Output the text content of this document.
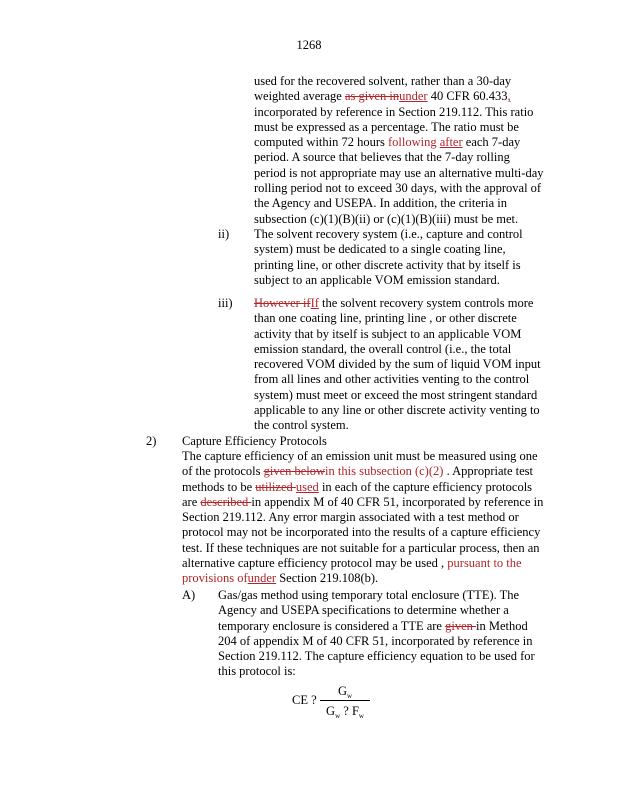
1268

used for the recovered solvent, rather than a 30-day weighted average as given inunder 40 CFR 60.433, incorporated by reference in Section 219.112. This ratio must be expressed as a percentage. The ratio must be computed within 72 hours following after each 7-day period. A source that believes that the 7-day rolling period is not appropriate may use an alternative multi-day rolling period not to exceed 30 days, with the approval of the Agency and USEPA. In addition, the criteria in subsection (c)(1)(B)(ii) or (c)(1)(B)(iii) must be met.

ii) The solvent recovery system (i.e., capture and control system) must be dedicated to a single coating line, printing line, or other discrete activity that by itself is subject to an applicable VOM emission standard.

iii) However ifIf the solvent recovery system controls more than one coating line, printing line , or other discrete activity that by itself is subject to an applicable VOM emission standard, the overall control (i.e., the total recovered VOM divided by the sum of liquid VOM input from all lines and other activities venting to the control system) must meet or exceed the most stringent standard applicable to any line or other discrete activity venting to the control system.

2) Capture Efficiency Protocols

The capture efficiency of an emission unit must be measured using one of the protocols given belowin this subsection (c)(2) . Appropriate test methods to be utilized used in each of the capture efficiency protocols are described in appendix M of 40 CFR 51, incorporated by reference in Section 219.112. Any error margin associated with a test method or protocol may not be incorporated into the results of a capture efficiency test. If these techniques are not suitable for a particular process, then an alternative capture efficiency protocol may be used , pursuant to the provisions ofunder Section 219.108(b).

A) Gas/gas method using temporary total enclosure (TTE). The Agency and USEPA specifications to determine whether a temporary enclosure is considered a TTE are given in Method 204 of appendix M of 40 CFR 51, incorporated by reference in Section 219.112. The capture efficiency equation to be used for this protocol is:

CE ?
$G_w$
$G_w$ ? $F_w$
